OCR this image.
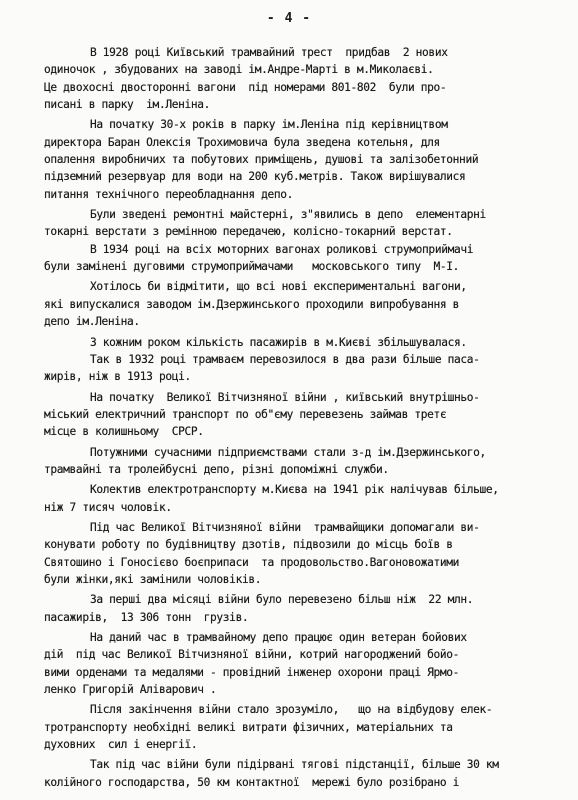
- 4 -
В 1928 році Київський трамвайний трест  придбав  2 нових
одиночок , збудованих на заводі ім.Андре-Марті в м.Миколаєві.
Це двохосні двосторонні вагони  під номерами 801-802  були про-
писані в парку  ім.Леніна.
На початку 30-х років в парку ім.Леніна під керівництвом
директора Баран Олексія Трохимовича була зведена котельня, для
опалення виробничих та побутових приміщень, душові та залізобетонний
підземний резервуар для води на 200 куб.метрів. Також вирішувалися
питання технічного переобладнання депо.
Були зведені ремонтні майстерні, з"явились в депо  елементарні
токарні верстати з ремінною передачею, колісно-токарний верстат.
В 1934 році на всіх моторних вагонах роликові струмоприймачі
були замінені дуговими струмоприймачами   московського типу  М-І.
Хотілось би відмітити, що всі нові експериментальні вагони,
які випускалися заводом ім.Дзержинського проходили випробування в
депо ім.Леніна.
З кожним роком кількість пасажирів в м.Києві збільшувалася.
Так в 1932 році трамваєм перевозилося в два рази більше паса-
жирів, ніж в 1913 році.
На початку  Великої Вітчизняної війни , київський внутрішньо-
міський електричний транспорт по об"єму перевезень займав третє
місце в колишньому  СРСР.
Потужними сучасними підприємствами стали з-д ім.Дзержинського,
трамвайні та тролейбусні депо, різні допоміжні служби.
Колектив електротранспорту м.Києва на 1941 рік налічував більше,
ніж 7 тисяч чоловік.
Під час Великої Вітчизняної війни  трамвайщики допомагали ви-
конувати роботу по будівництву дзотів, підвозили до місць боїв в
Святошино і Гоносієво боєприпаси  та продовольство.Вагоновожатими
були жінки,які замінили чоловіків.
За перші два місяці війни було перевезено більш ніж  22 млн.
пасажирів,  13 306 тонн  грузів.
На даний час в трамвайному депо працює один ветеран бойових
дій  під час Великої Вітчизняної війни, котрий нагороджений бойо-
вими орденами та медалями - провідний інженер охорони праці Ярмо-
ленко Григорій Аліварович .
Після закінчення війни стало зрозуміло,   що на відбудову елек-
тротранспорту необхідні великі витрати фізичних, матеріальних та
духовних  сил і енергії.
Так під час війни були підірвані тягові підстанції, більше 30 км
колійного господарства, 50 км контактної  мережі було розібрано і
